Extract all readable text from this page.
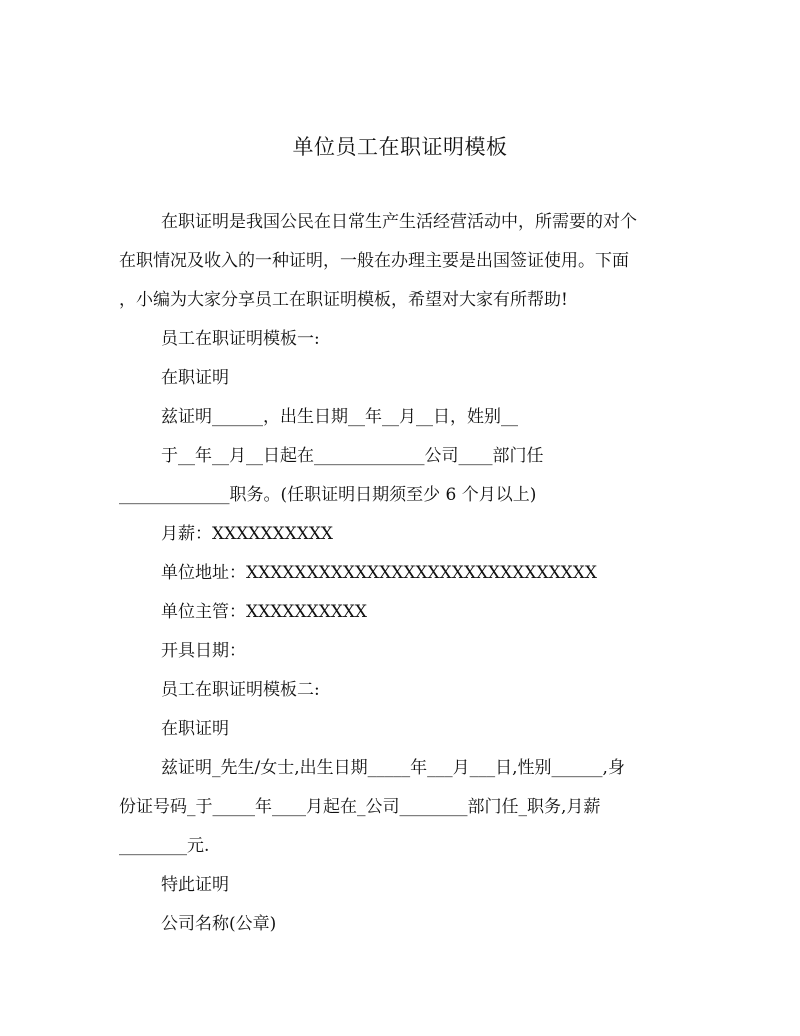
单位员工在职证明模板

在职证明是我国公民在日常生产生活经营活动中，所需要的对个

在职情况及收入的一种证明，一般在办理主要是出国签证使用。下面

，小编为大家分享员工在职证明模板，希望对大家有所帮助!

员工在职证明模板一:

在职证明

兹证明______，出生日期__年__月__日，姓别__

于__年__月__日起在_____________公司____部门任

_____________职务。(任职证明日期须至少 6 个月以上)

月薪：XXXXXXXXXX

单位地址：XXXXXXXXXXXXXXXXXXXXXXXXXXXXX

单位主管：XXXXXXXXXX

开具日期：

员工在职证明模板二:

在职证明

兹证明_先生/女士,出生日期_____年___月___日,性别______,身

份证号码_于_____年____月起在_公司________部门任_职务,月薪

________元.

特此证明

公司名称(公章)
